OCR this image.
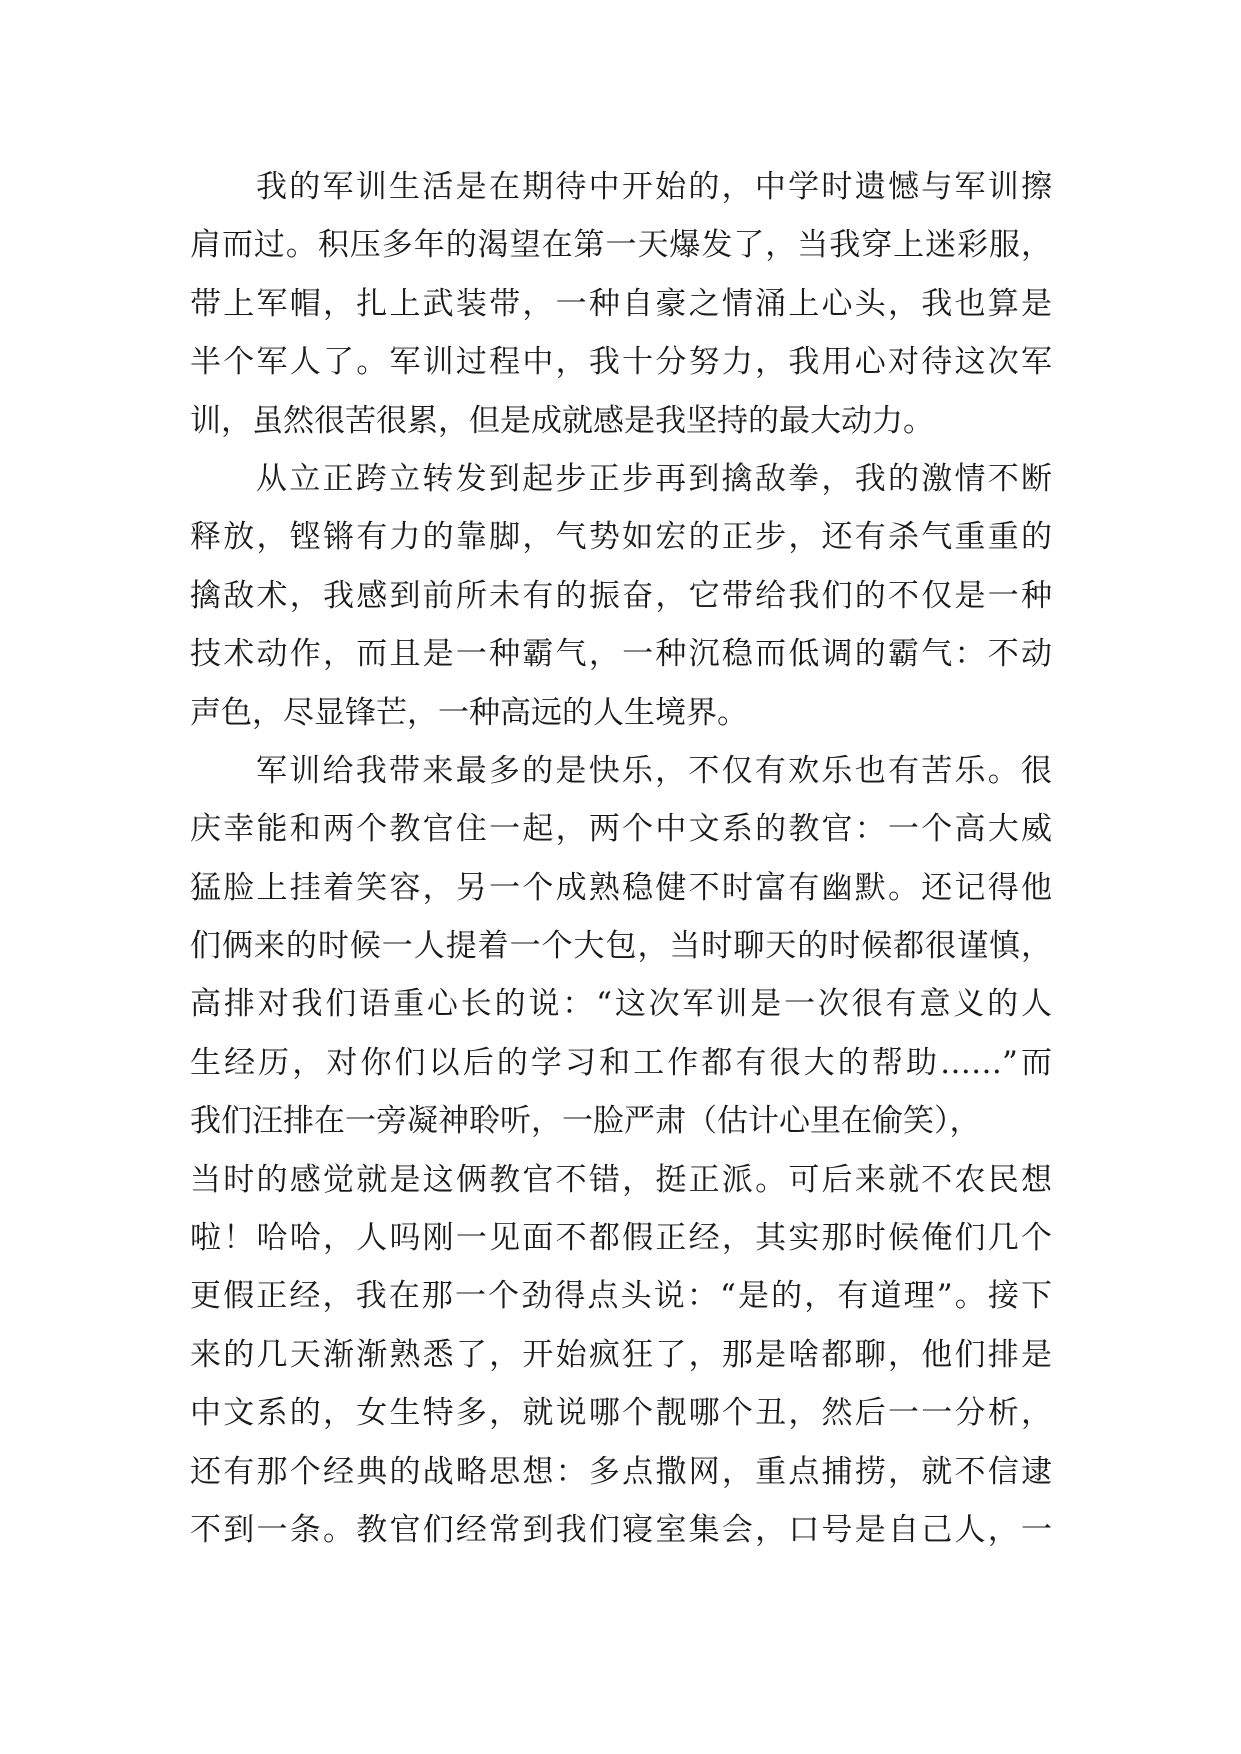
我的军训生活是在期待中开始的，中学时遗憾与军训擦
肩而过。积压多年的渴望在第一天爆发了，当我穿上迷彩服，
带上军帽，扎上武装带，一种自豪之情涌上心头，我也算是
半个军人了。军训过程中，我十分努力，我用心对待这次军
训，虽然很苦很累，但是成就感是我坚持的最大动力。
从立正跨立转发到起步正步再到擒敌拳，我的激情不断
释放，铿锵有力的靠脚，气势如宏的正步，还有杀气重重的
擒敌术，我感到前所未有的振奋，它带给我们的不仅是一种
技术动作，而且是一种霸气，一种沉稳而低调的霸气：不动
声色，尽显锋芒，一种高远的人生境界。
军训给我带来最多的是快乐，不仅有欢乐也有苦乐。很
庆幸能和两个教官住一起，两个中文系的教官：一个高大威
猛脸上挂着笑容，另一个成熟稳健不时富有幽默。还记得他
们俩来的时候一人提着一个大包，当时聊天的时候都很谨慎，
高排对我们语重心长的说：“这次军训是一次很有意义的人
生经历，对你们以后的学习和工作都有很大的帮助……”而
我们汪排在一旁凝神聆听，一脸严肃（估计心里在偷笑），
当时的感觉就是这俩教官不错，挺正派。可后来就不农民想
啦！哈哈，人吗刚一见面不都假正经，其实那时候俺们几个
更假正经，我在那一个劲得点头说：“是的，有道理”。接下
来的几天渐渐熟悉了，开始疯狂了，那是啥都聊，他们排是
中文系的，女生特多，就说哪个靓哪个丑，然后一一分析，
还有那个经典的战略思想：多点撒网，重点捕捞，就不信逮
不到一条。教官们经常到我们寝室集会，口号是自己人，一
